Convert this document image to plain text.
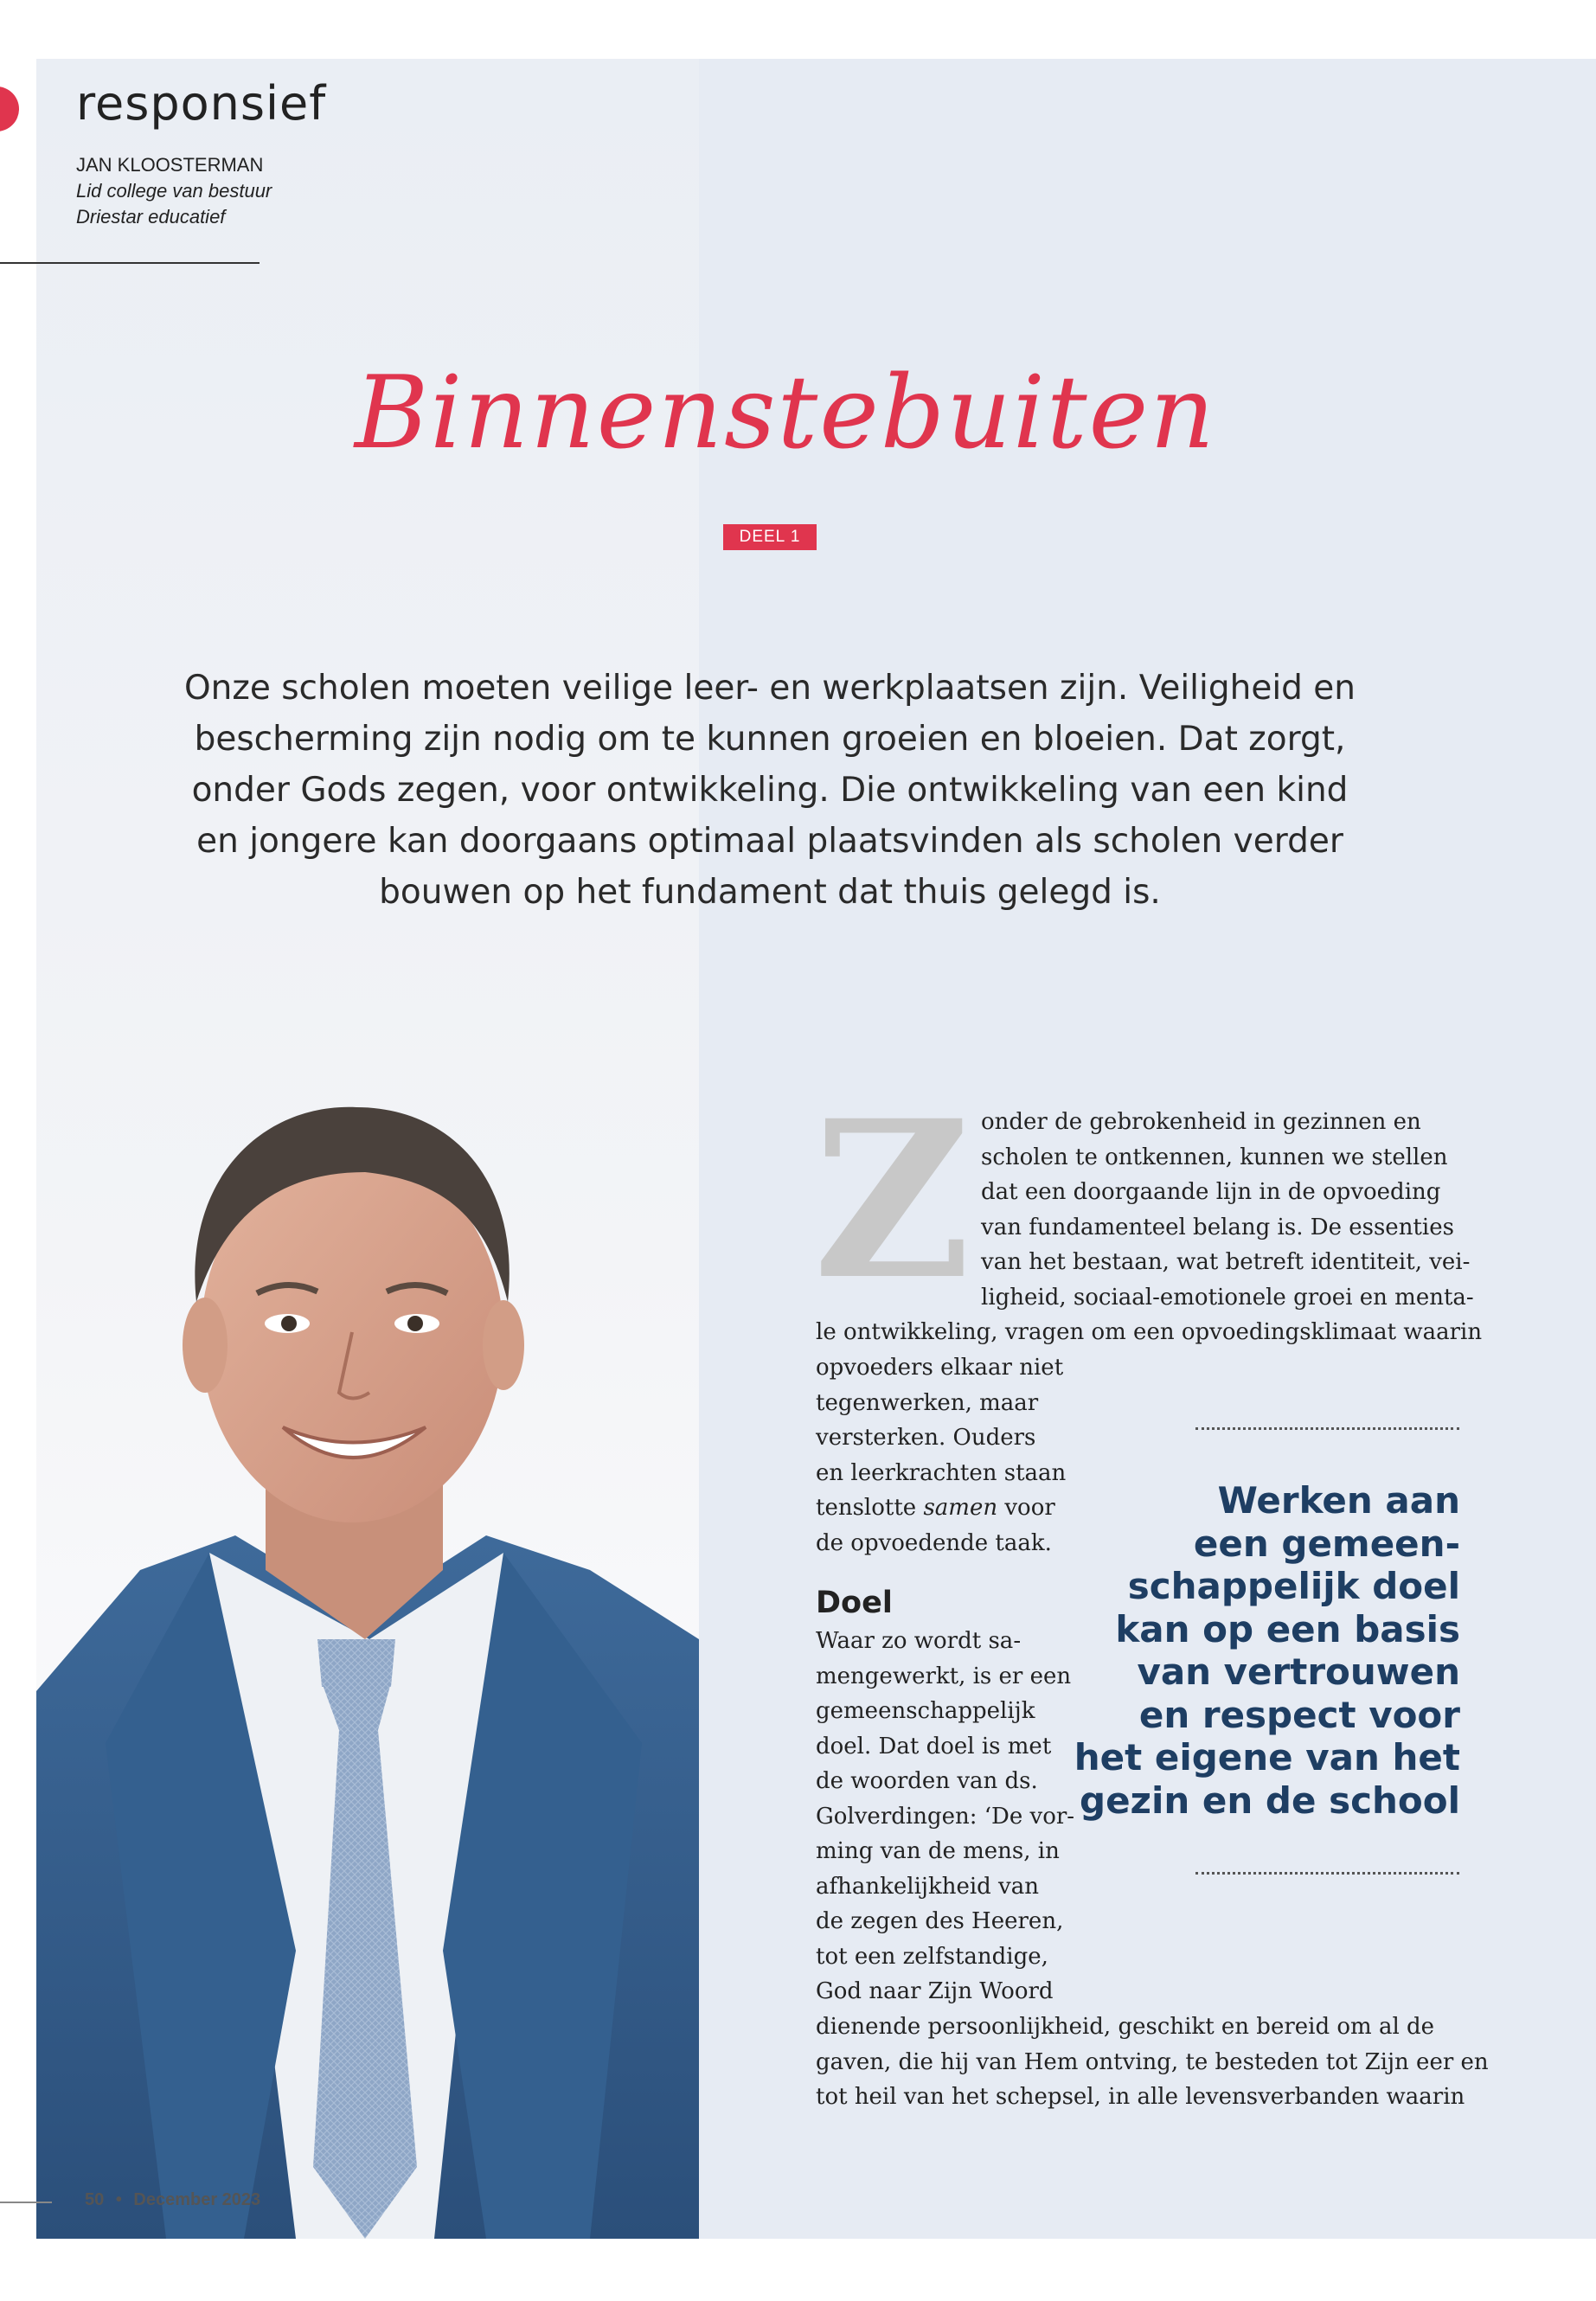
responsief
JAN KLOOSTERMAN
Lid college van bestuur
Driestar educatief
Binnenstebuiten
DEEL 1
Onze scholen moeten veilige leer- en werkplaatsen zijn. Veiligheid en bescherming zijn nodig om te kunnen groeien en bloeien. Dat zorgt, onder Gods zegen, voor ontwikkeling. Die ontwikkeling van een kind en jongere kan doorgaans optimaal plaatsvinden als scholen verder bouwen op het fundament dat thuis gelegd is.
Z onder de gebrokenheid in gezinnen en
scholen te ontkennen, kunnen we stellen
dat een doorgaande lijn in de opvoeding
van fundamenteel belang is. De essenties
van het bestaan, wat betreft identiteit, vei-
ligheid, sociaal-emotionele groei en menta-
le ontwikkeling, vragen om een opvoedingsklimaat waarin
opvoeders elkaar niet
tegenwerken, maar
versterken. Ouders
en leerkrachten staan
tenslotte samen voor
de opvoedende taak.
Doel
Waar zo wordt sa-
mengewerkt, is er een
gemeenschappelijk
doel. Dat doel is met
de woorden van ds.
Golverdingen: ‘De vor-
ming van de mens, in
afhankelijkheid van
de zegen des Heeren,
tot een zelfstandige,
God naar Zijn Woord
dienende persoonlijkheid, geschikt en bereid om al de
gaven, die hij van Hem ontving, te besteden tot Zijn eer en
tot heil van het schepsel, in alle levensverbanden waarin
Werken aan
een gemeen-
schappelijk doel
kan op een basis
van vertrouwen
en respect voor
het eigene van het
gezin en de school
50 • December 2023
